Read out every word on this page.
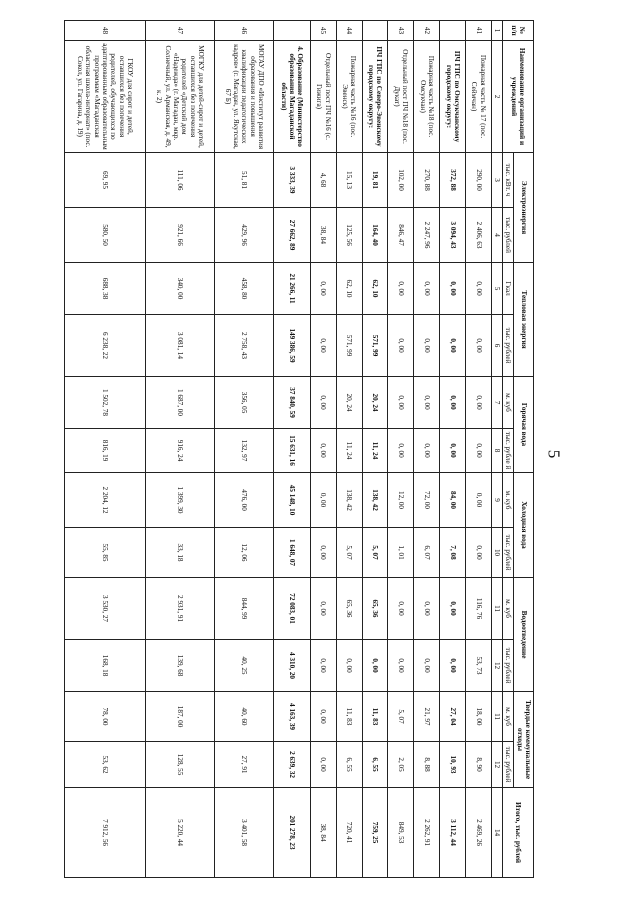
5
№ п/п	Наименование организаций и учреждений	Электроэнергия		Тепловая энергия		Горячая вода		Холодная вода		Водоотведение		Твердые коммунальные отходы		Итого, тыс. рублей
		тыс. кВт. ч	тыс. рублей	Гкал	тыс. рублей	м. куб	тыс. рубле й	м. куб	тыс. рублей	м. куб	тыс. рублей	м. куб	тыс. рублей	
1	2	3	4	5	6	7	8	9	10	11	12	11	12	14
41	Пожарная часть № 17 (пос. Сеймчан)	290, 00	2 406, 63	0, 00	0, 00	0, 00	0, 00	0, 00	0, 00	116, 76	53, 73	18, 00	8, 90	2 469, 26
	ПЧ ГПС по Омсукчанскому городскому округу:	372, 88	3 094, 43	0, 00	0, 00	0, 00	0, 00	84, 00	7, 08	0, 00	0, 00	27, 04	10, 93	3 112, 44
42	Пожарная часть №18 (пос. Омсукчан)	270, 88	2 247, 96	0, 00	0, 00	0, 00	0, 00	72, 00	6, 07	0, 00	0, 00	21, 97	8, 88	2 262, 91
43	Отдельный пост ПЧ №18 (пос. Дукат)	102, 00	846, 47	0, 00	0, 00	0, 00	0, 00	12, 00	1, 01	0, 00	0, 00	5, 07	2, 05	849, 53
	ПЧ ГПС по Северо-Эвенскому городскому округу:	19, 81	164, 40	62, 10	571, 99	20, 24	11, 24	138, 42	5, 07	65, 36	0, 00	11, 83	6, 55	759, 25
44	Пожарная часть №16 (пос. Эвенск)	15, 13	125, 56	62, 10	571, 99	20, 24	11, 24	138, 42	5, 07	65, 36	0, 00	11, 83	6, 55	720, 41
45	Отдельный пост ПЧ №16 (с. Гижига)	4, 68	38, 84	0, 00	0, 00	0, 00	0, 00	0, 00	0, 00	0, 00	0, 00	0, 00	0, 00	38, 84
	4. Образование (Министерство образования Магаданской области)	3 333, 39	27 662, 89	21 266, 11	149 386, 59	37 840, 59	15 631, 16	45 148, 10	1 648, 07	72 083, 01	4 310, 20	4 163, 39	2 639, 32	201 278, 23
46	МОГАУ ДПО «Институт развития образования и повышения квалификации педагогических кадров» (г. Магадан, ул. Якутская, 67 Б)	51, 81	429, 96	458, 80	2 758, 43	356, 05	132, 97	476, 00	12, 06	844, 99	40, 25	40, 60	27, 91	3 401, 58
47	МОГКУ для детей-сирот и детей, оставшихся без попечения родителей «Детский дом «Надежда» (г. Магадан, мкр. Солнечный, ул. Арманская, д. 49, к. 2)	111, 06	921, 66	340, 00	3 081, 14	1 687, 00	916, 24	1 399, 30	33, 18	2 931, 91	139, 68	187, 00	128, 55	5 220, 44
48	ГКОУ для сирот и детей, оставшихся без попечения родителей, обучающихся по адаптированным образовательным программам «Магаданская областная школа-интернат» (пос. Сокол, ул. Гагарина, д. 19)	69, 95	580, 50	688, 38	6 238, 22	1 502, 78	816, 19	2 204, 12	55, 85	3 530, 27	168, 18	78, 00	53, 62	7 912, 56
